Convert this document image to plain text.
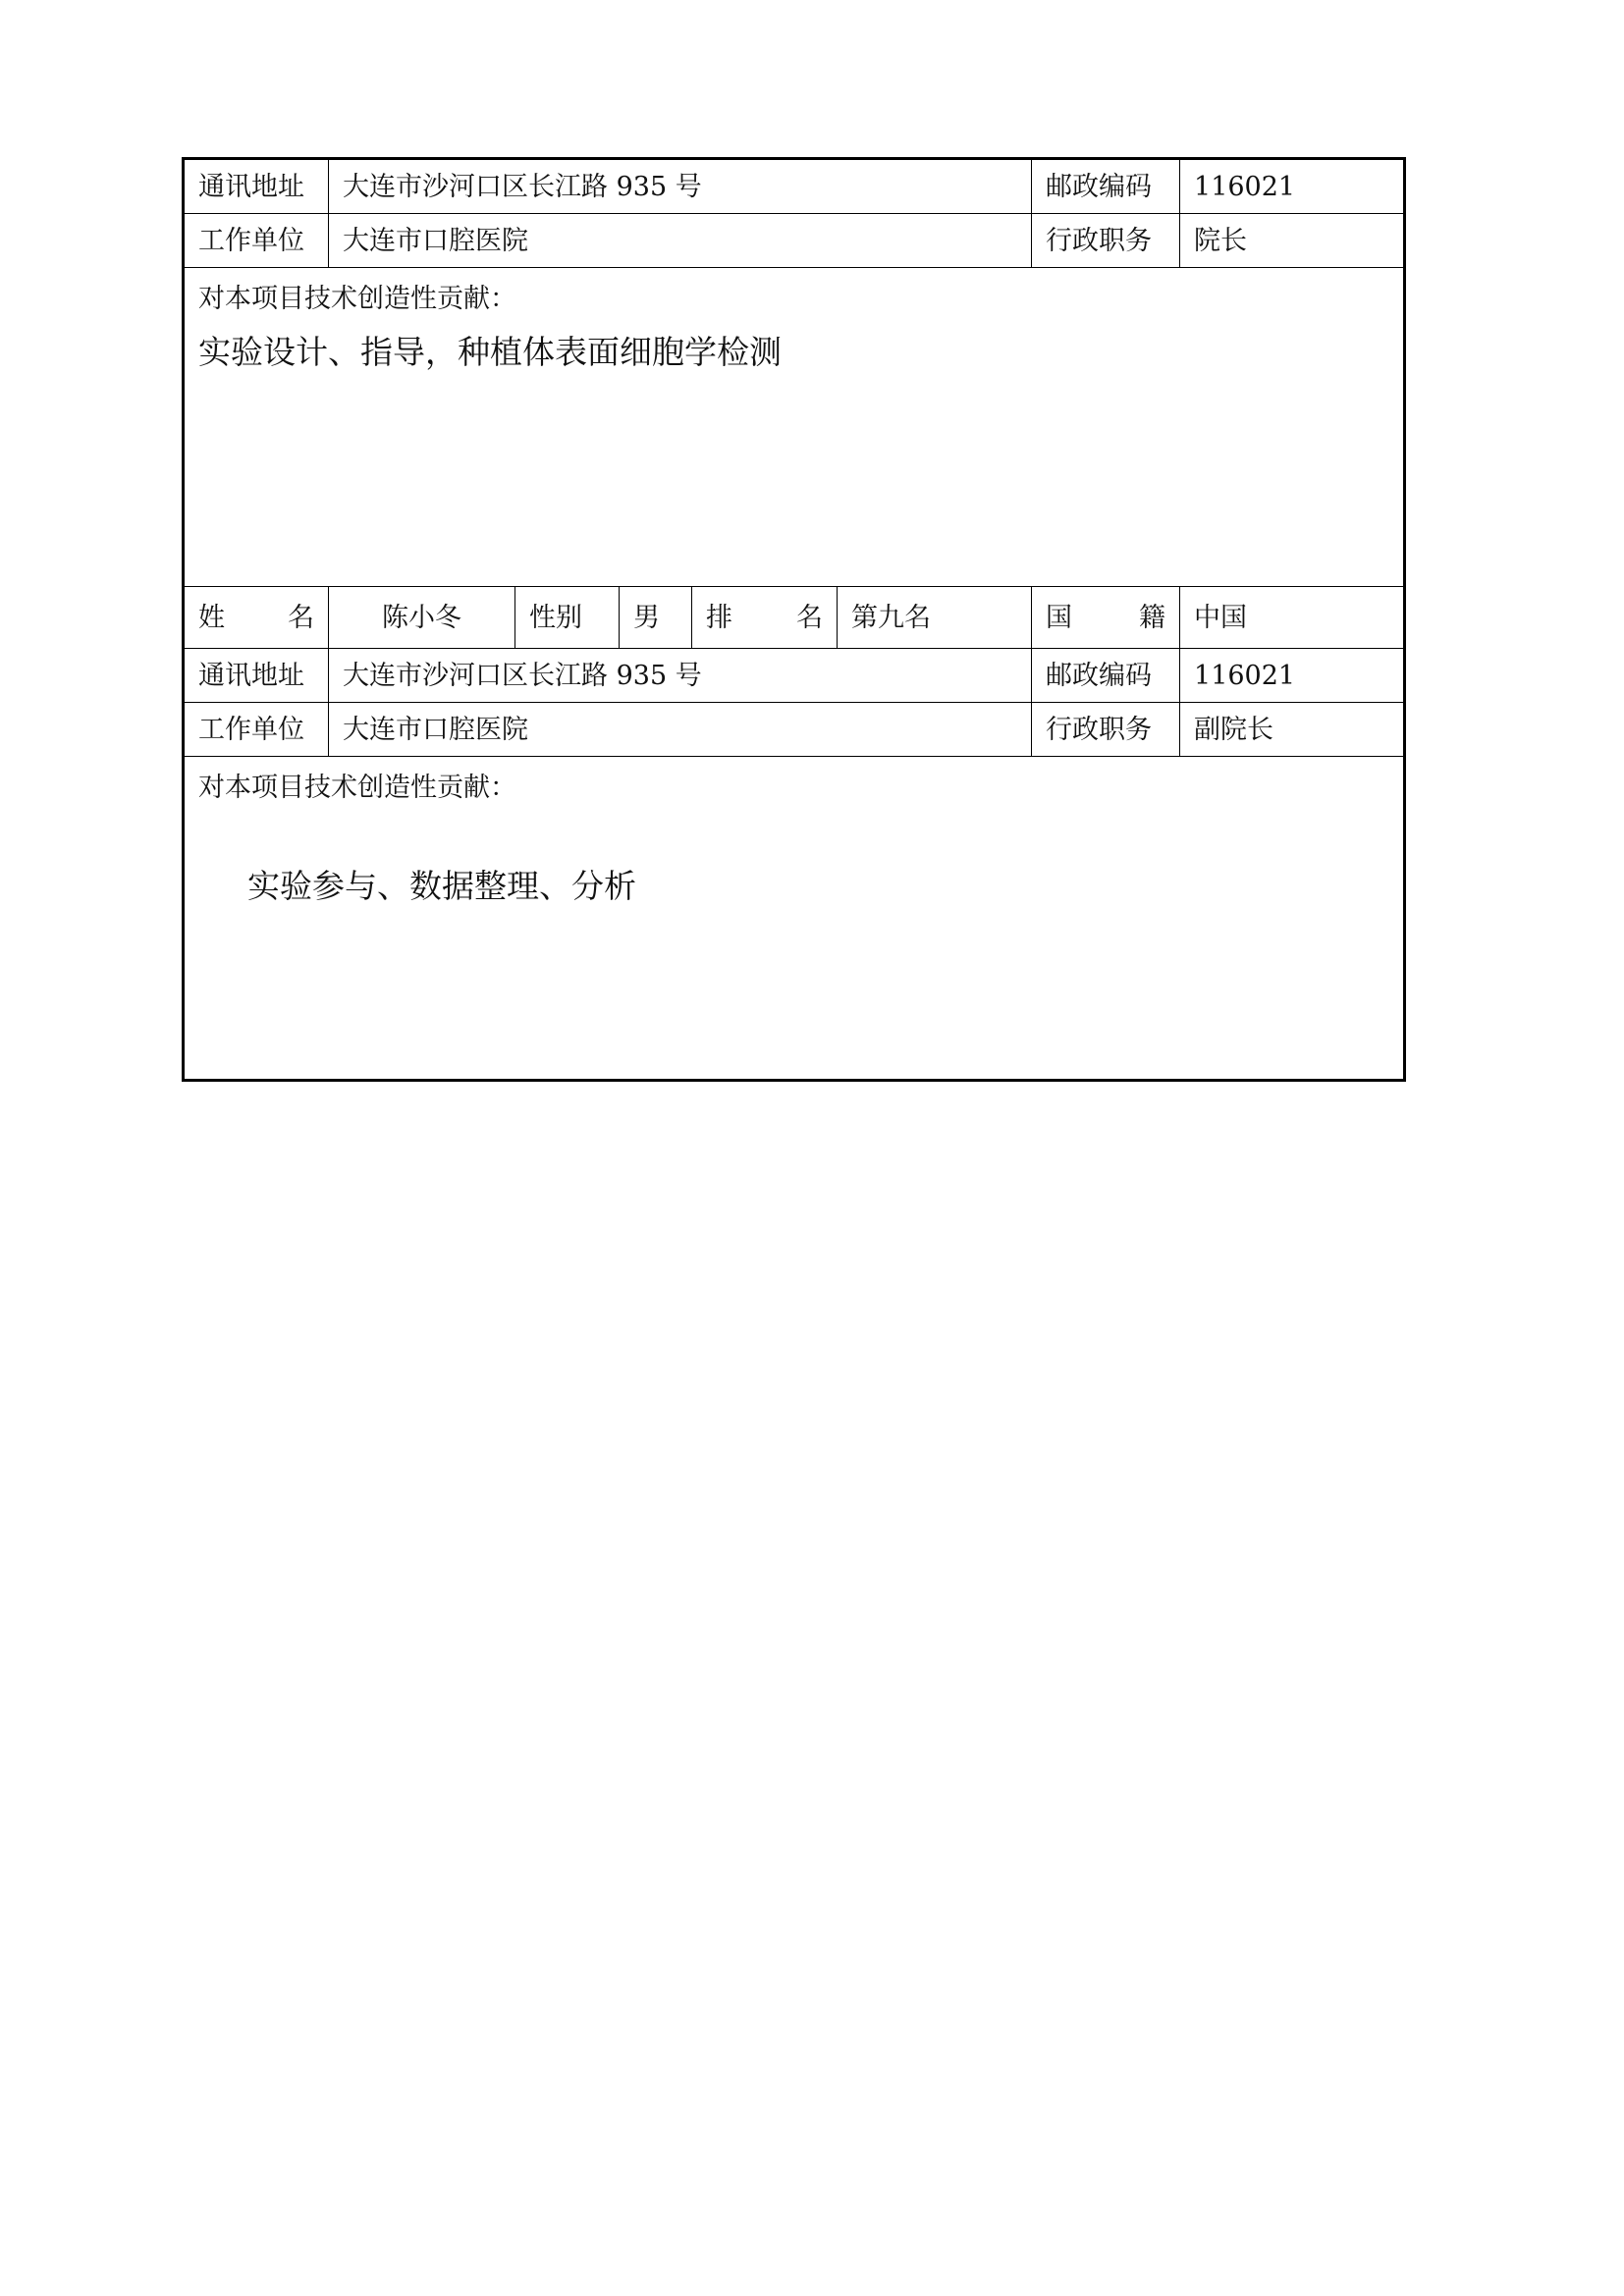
通讯地址	大连市沙河口区长江路 935 号					邮政编码	116021
工作单位	大连市口腔医院					行政职务	院长

对本项目技术创造性贡献：
实验设计、指导，种植体表面细胞学检测							

姓 名	陈小冬	性别	男	排 名	第九名	国 籍	中国
通讯地址	大连市沙河口区长江路 935 号					邮政编码	116021
工作单位	大连市口腔医院					行政职务	副院长

对本项目技术创造性贡献：
实验参与、数据整理、分析							
